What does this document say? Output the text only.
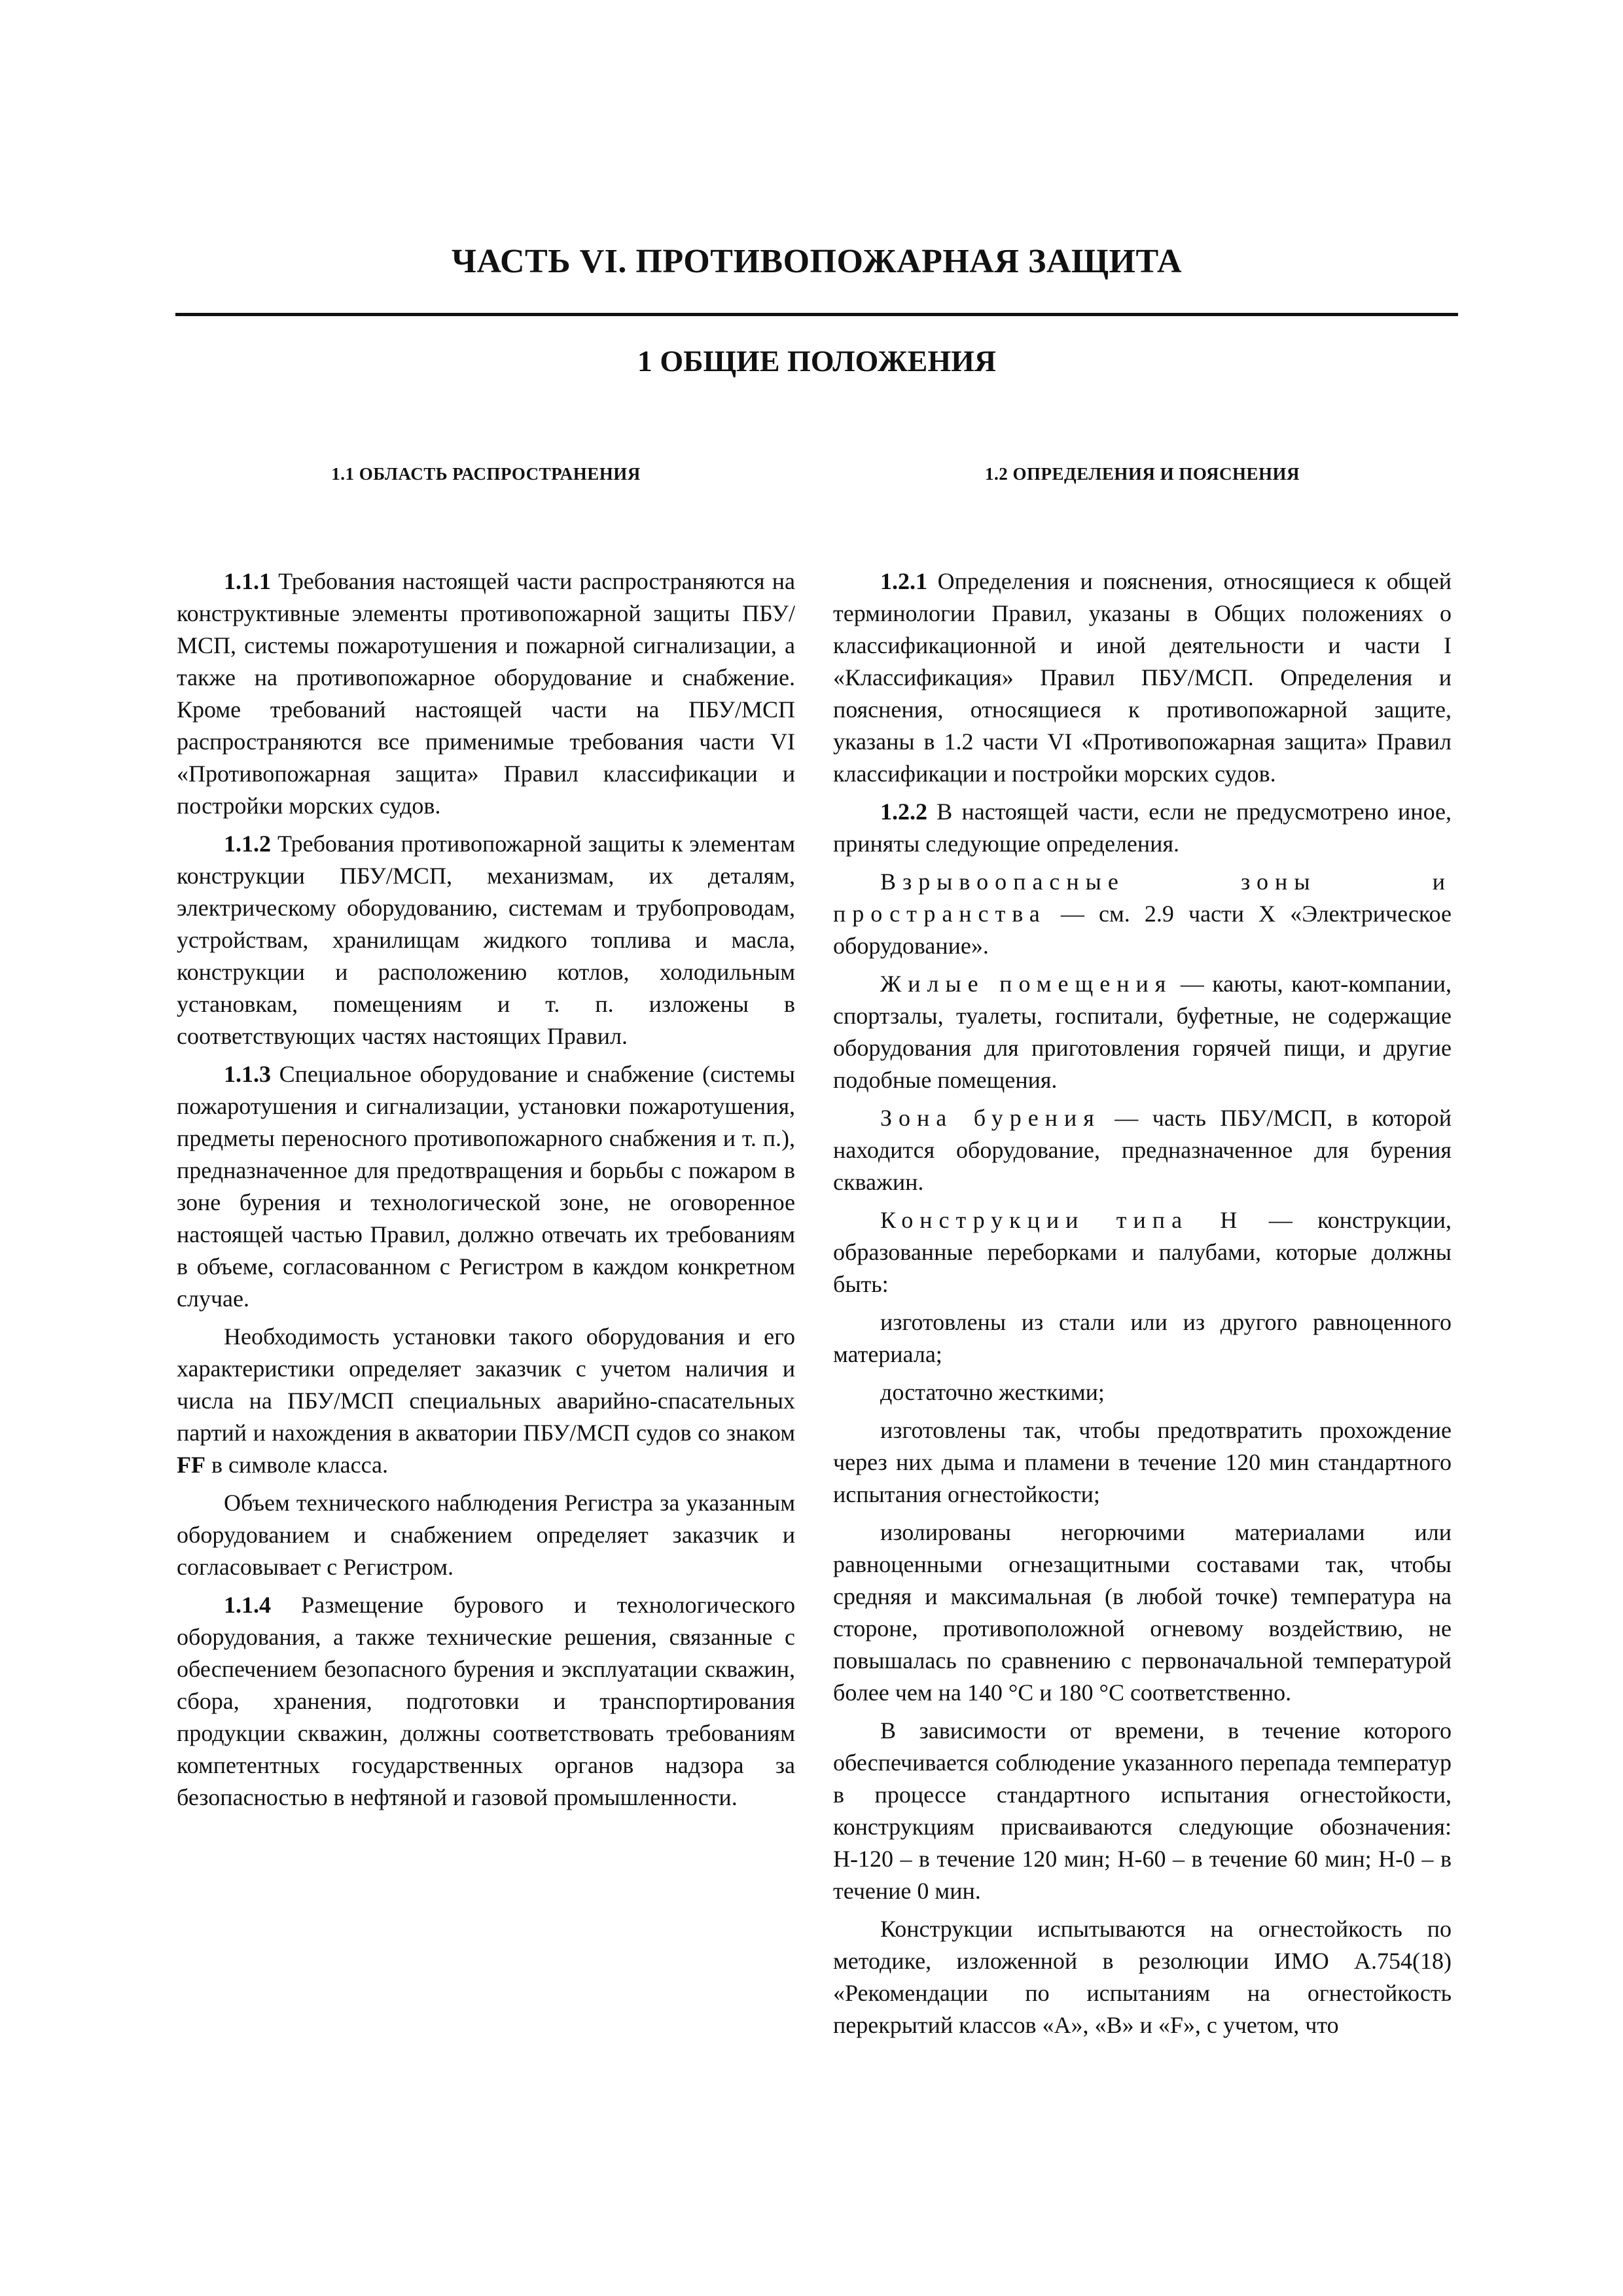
ЧАСТЬ VI. ПРОТИВОПОЖАРНАЯ ЗАЩИТА
1 ОБЩИЕ ПОЛОЖЕНИЯ
1.1 ОБЛАСТЬ РАСПРОСТРАНЕНИЯ

1.1.1 Требования настоящей части распространяются на конструктивные элементы противопожарной защиты ПБУ/МСП, системы пожаротушения и пожарной сигнализации, а также на противопожарное оборудование и снабжение. Кроме требований настоящей части на ПБУ/МСП распространяются все применимые требования части VI «Противопожарная защита» Правил классификации и постройки морских судов.

1.1.2 Требования противопожарной защиты к элементам конструкции ПБУ/МСП, механизмам, их деталям, электрическому оборудованию, системам и трубопроводам, устройствам, хранилищам жидкого топлива и масла, конструкции и расположению котлов, холодильным установкам, помещениям и т. п. изложены в соответствующих частях настоящих Правил.

1.1.3 Специальное оборудование и снабжение (системы пожаротушения и сигнализации, установки пожаротушения, предметы переносного противопожарного снабжения и т. п.), предназначенное для предотвращения и борьбы с пожаром в зоне бурения и технологической зоне, не оговоренное настоящей частью Правил, должно отвечать их требованиям в объеме, согласованном с Регистром в каждом конкретном случае.

Необходимость установки такого оборудования и его характеристики определяет заказчик с учетом наличия и числа на ПБУ/МСП специальных аварийно-спасательных партий и нахождения в акватории ПБУ/МСП судов со знаком FF в символе класса.

Объем технического наблюдения Регистра за указанным оборудованием и снабжением определяет заказчик и согласовывает с Регистром.

1.1.4 Размещение бурового и технологического оборудования, а также технические решения, связанные с обеспечением безопасного бурения и эксплуатации скважин, сбора, хранения, подготовки и транспортирования продукции скважин, должны соответствовать требованиям компетентных государственных органов надзора за безопасностью в нефтяной и газовой промышленности.

1.2 ОПРЕДЕЛЕНИЯ И ПОЯСНЕНИЯ

1.2.1 Определения и пояснения, относящиеся к общей терминологии Правил, указаны в Общих положениях о классификационной и иной деятельности и части I «Классификация» Правил ПБУ/МСП. Определения и пояснения, относящиеся к противопожарной защите, указаны в 1.2 части VI «Противопожарная защита» Правил классификации и постройки морских судов.

1.2.2 В настоящей части, если не предусмотрено иное, приняты следующие определения.

Взрывоопасные зоны и пространства — см. 2.9 части X «Электрическое оборудование».

Жилые помещения — каюты, кают-компании, спортзалы, туалеты, госпитали, буфетные, не содержащие оборудования для приготовления горячей пищи, и другие подобные помещения.

Зона бурения — часть ПБУ/МСП, в которой находится оборудование, предназначенное для бурения скважин.

Конструкции типа Н — конструкции, образованные переборками и палубами, которые должны быть:

изготовлены из стали или из другого равноценного материала;

достаточно жесткими;

изготовлены так, чтобы предотвратить прохождение через них дыма и пламени в течение 120 мин стандартного испытания огнестойкости;

изолированы негорючими материалами или равноценными огнезащитными составами так, чтобы средняя и максимальная (в любой точке) температура на стороне, противоположной огневому воздействию, не повышалась по сравнению с первоначальной температурой более чем на 140 °С и 180 °С соответственно.

В зависимости от времени, в течение которого обеспечивается соблюдение указанного перепада температур в процессе стандартного испытания огнестойкости, конструкциям присваиваются следующие обозначения: Н-120 – в течение 120 мин; Н-60 – в течение 60 мин; Н-0 – в течение 0 мин.

Конструкции испытываются на огнестойкость по методике, изложенной в резолюции ИМО А.754(18) «Рекомендации по испытаниям на огнестойкость перекрытий классов «А», «В» и «F», с учетом, что
